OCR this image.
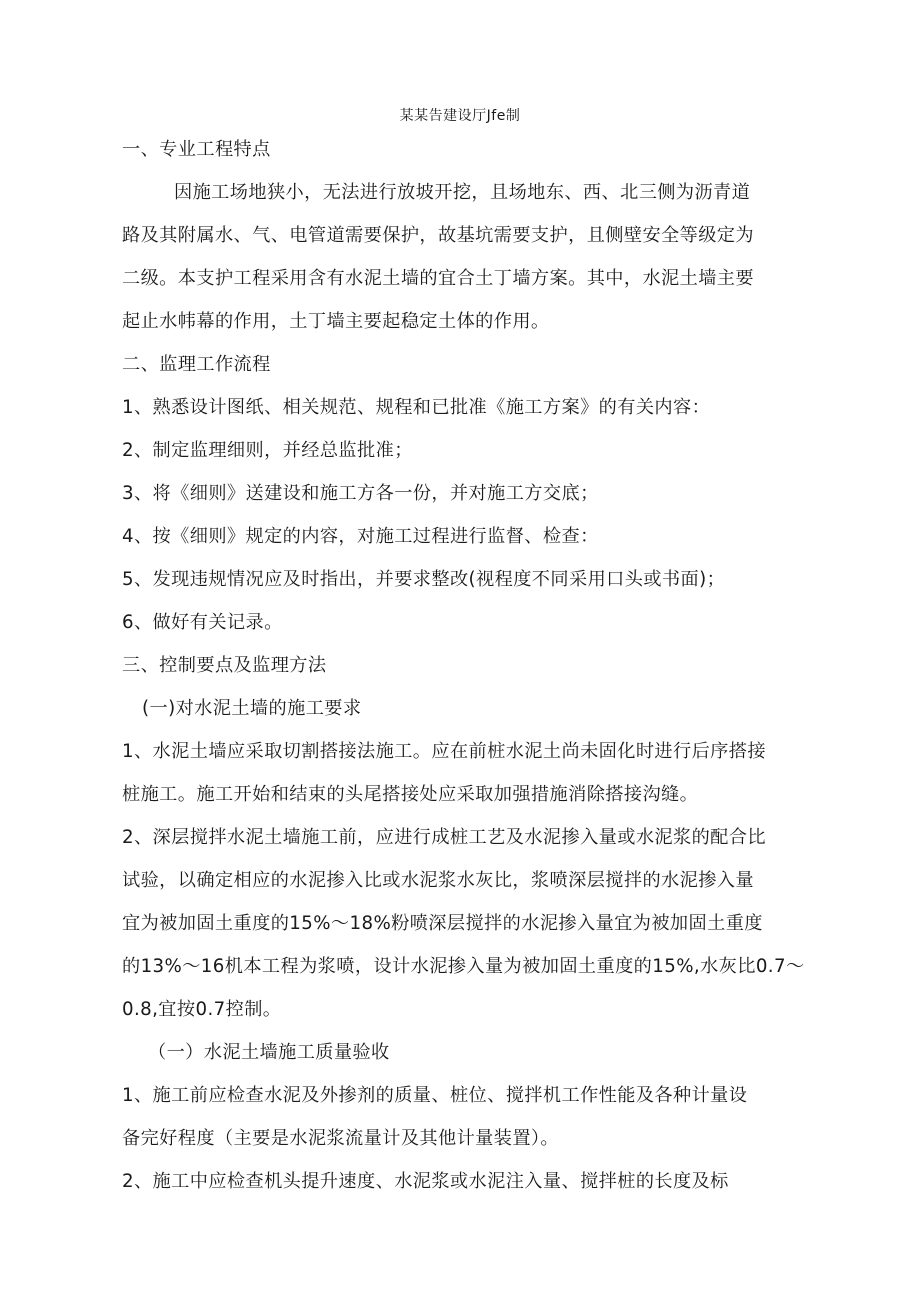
某某告建设厅Jfe制
一、专业工程特点
因施工场地狭小，无法进行放坡开挖，且场地东、西、北三侧为沥青道
路及其附属水、气、电管道需要保护，故基坑需要支护，且侧壁安全等级定为
二级。本支护工程采用含有水泥土墙的宜合土丁墙方案。其中，水泥土墙主要
起止水帏幕的作用，土丁墙主要起稳定土体的作用。
二、监理工作流程
1、熟悉设计图纸、相关规范、规程和已批准《施工方案》的有关内容：
2、制定监理细则，并经总监批准；
3、将《细则》送建设和施工方各一份，并对施工方交底；
4、按《细则》规定的内容，对施工过程进行监督、检查：
5、发现违规情况应及时指出，并要求整改(视程度不同采用口头或书面)；
6、做好有关记录。
三、控制要点及监理方法
(一)对水泥土墙的施工要求
1、水泥土墙应采取切割搭接法施工。应在前桩水泥土尚未固化时进行后序搭接
桩施工。施工开始和结束的头尾搭接处应采取加强措施消除搭接沟缝。
2、深层搅拌水泥土墙施工前，应进行成桩工艺及水泥掺入量或水泥浆的配合比
试验，以确定相应的水泥掺入比或水泥浆水灰比，浆喷深层搅拌的水泥掺入量
宜为被加固土重度的15%〜18%粉喷深层搅拌的水泥掺入量宜为被加固土重度
的13%〜16机本工程为浆喷，设计水泥掺入量为被加固土重度的15%,水灰比0.7〜
0.8,宜按0.7控制。
（一）水泥土墙施工质量验收
1、施工前应检查水泥及外掺剂的质量、桩位、搅拌机工作性能及各种计量设
备完好程度（主要是水泥浆流量计及其他计量装置）。
2、施工中应检查机头提升速度、水泥浆或水泥注入量、搅拌桩的长度及标
